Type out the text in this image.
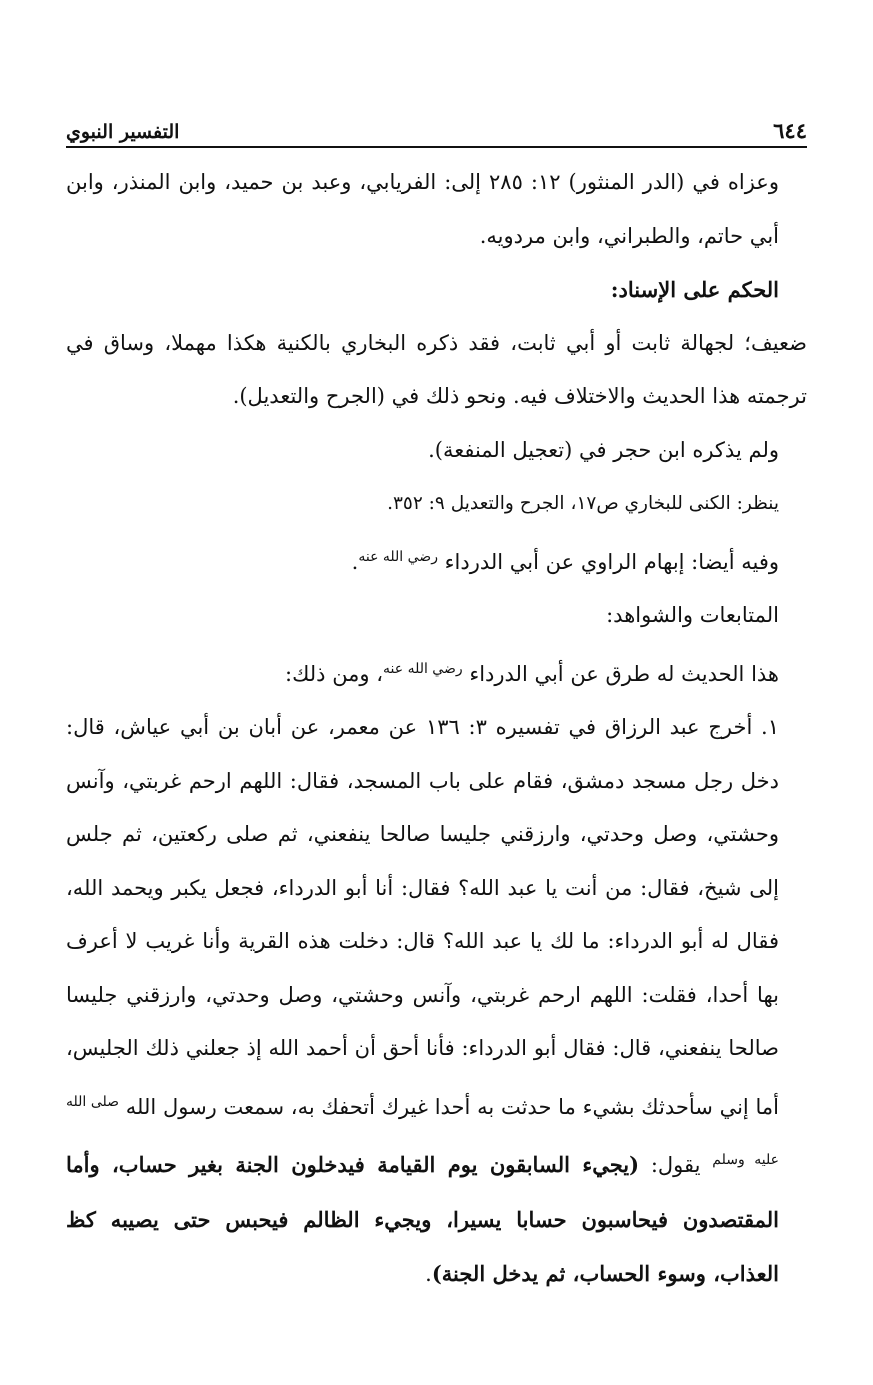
٦٤٤
التفسير النبوي

وعزاه في (الدر المنثور) ١٢: ٢٨٥ إلى: الفريابي، وعبد بن حميد، وابن المنذر، وابن أبي حاتم، والطبراني، وابن مردويه.

الحكم على الإسناد:

ضعيف؛ لجهالة ثابت أو أبي ثابت، فقد ذكره البخاري بالكنية هكذا مهملا، وساق في ترجمته هذا الحديث والاختلاف فيه. ونحو ذلك في (الجرح والتعديل).

ولم يذكره ابن حجر في (تعجيل المنفعة).

ينظر: الكنى للبخاري ص١٧، الجرح والتعديل ٩: ٣٥٢.

وفيه أيضا: إبهام الراوي عن أبي الدرداء $^{رضي الله عنه}$.

المتابعات والشواهد:

هذا الحديث له طرق عن أبي الدرداء $^{رضي الله عنه}$، ومن ذلك:

١. أخرج عبد الرزاق في تفسيره ٣: ١٣٦ عن معمر، عن أبان بن أبي عياش، قال: دخل رجل مسجد دمشق، فقام على باب المسجد، فقال: اللهم ارحم غربتي، وآنس وحشتي، وصل وحدتي، وارزقني جليسا صالحا ينفعني، ثم صلى ركعتين، ثم جلس إلى شيخ، فقال: من أنت يا عبد الله؟ فقال: أنا أبو الدرداء، فجعل يكبر ويحمد الله، فقال له أبو الدرداء: ما لك يا عبد الله؟ قال: دخلت هذه القرية وأنا غريب لا أعرف بها أحدا، فقلت: اللهم ارحم غربتي، وآنس وحشتي، وصل وحدتي، وارزقني جليسا صالحا ينفعني، قال: فقال أبو الدرداء: فأنا أحق أن أحمد الله إذ جعلني ذلك الجليس، أما إني سأحدثك بشيء ما حدثت به أحدا غيرك أتحفك به، سمعت رسول الله $^{صلى الله عليه وسلم}$ يقول: (يجيء السابقون يوم القيامة فيدخلون الجنة بغير حساب، وأما المقتصدون فيحاسبون حسابا يسيرا، ويجيء الظالم فيحبس حتى يصيبه كظ العذاب، وسوء الحساب، ثم يدخل الجنة).
